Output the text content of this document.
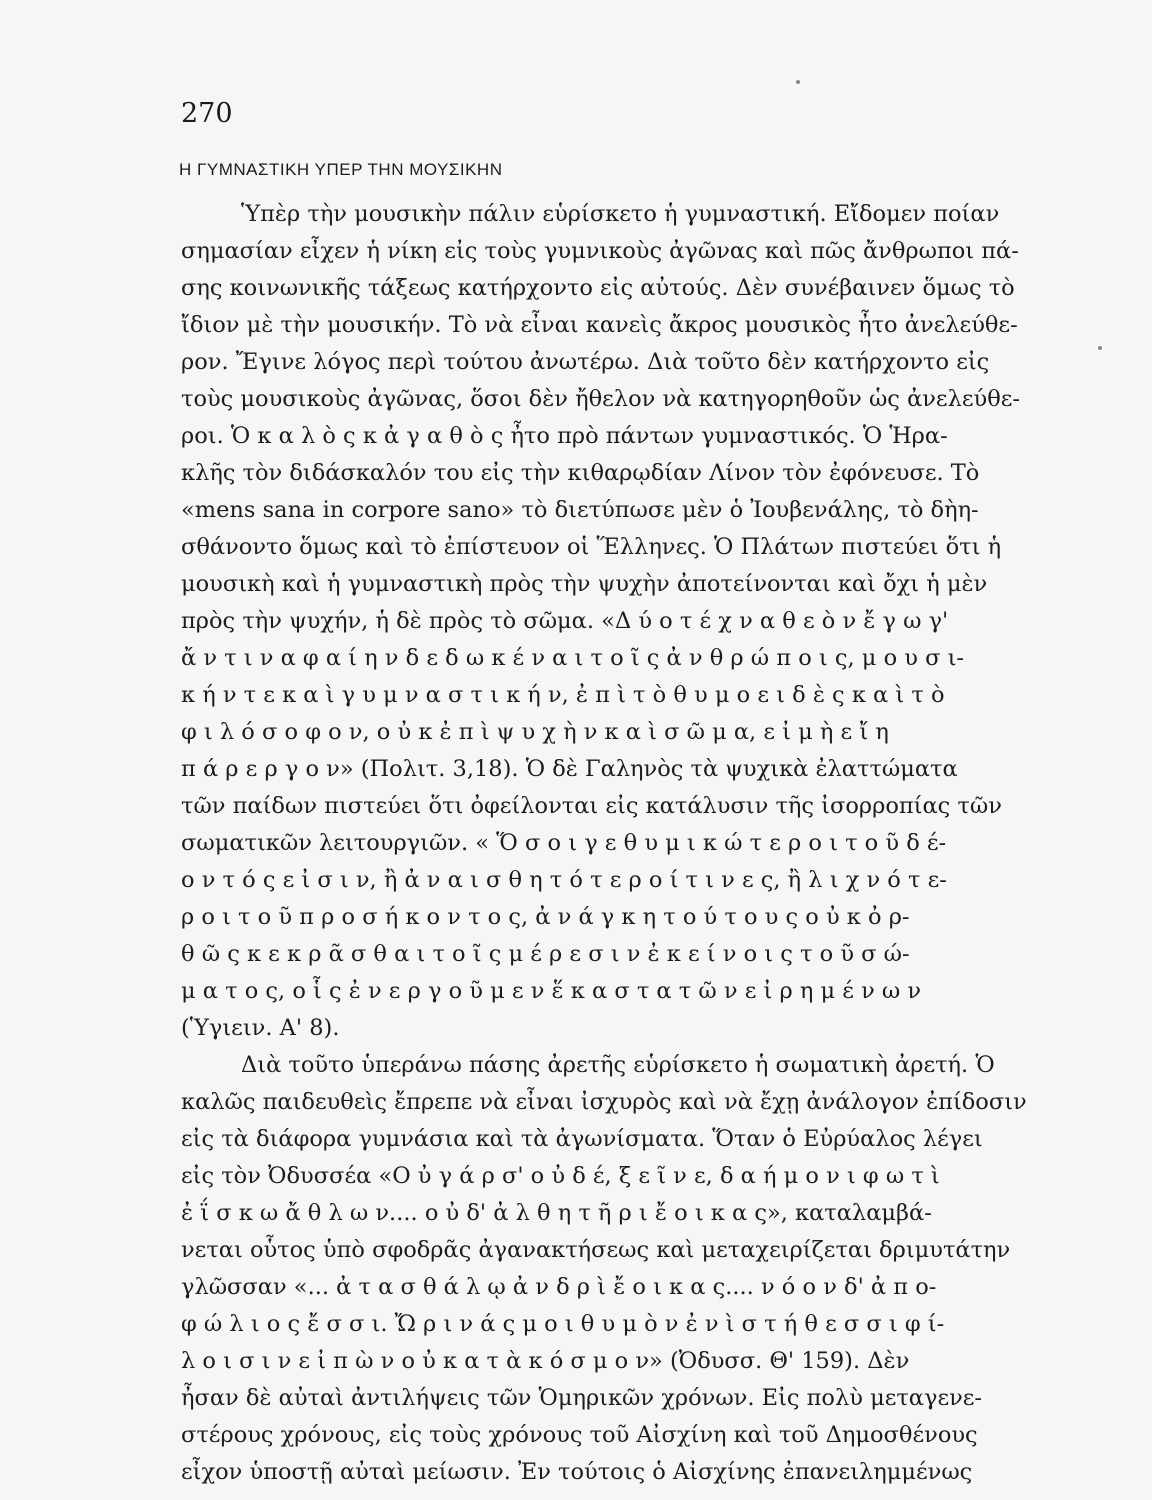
270
Η ΓΥΜΝΑΣΤΙΚΗ ΥΠΕΡ ΤΗΝ ΜΟΥΣΙΚΗΝ
Ὑπὲρ τὴν μουσικὴν πάλιν εὑρίσκετο ἡ γυμναστική. Εἴδομεν ποίαν
σημασίαν εἶχεν ἡ νίκη εἰς τοὺς γυμνικοὺς ἀγῶνας καὶ πῶς ἄνθρωποι πά-
σης κοινωνικῆς τάξεως κατήρχοντο εἰς αὐτούς. Δὲν συνέβαινεν ὅμως τὸ
ἴδιον μὲ τὴν μουσικήν. Τὸ νὰ εἶναι κανεὶς ἄκρος μουσικὸς ἦτο ἀνελεύθε-
ρον. Ἔγινε λόγος περὶ τούτου ἀνωτέρω. Διὰ τοῦτο δὲν κατήρχοντο εἰς
τοὺς μουσικοὺς ἀγῶνας, ὅσοι δὲν ἤθελον νὰ κατηγορηθοῦν ὡς ἀνελεύθε-
ροι. Ὁ κ α λ ὸ ς κ ἀ γ α θ ὸ ς ἦτο πρὸ πάντων γυμναστικός. Ὁ Ἡρα-
κλῆς τὸν διδάσκαλόν του εἰς τὴν κιθαρῳδίαν Λίνον τὸν ἐφόνευσε. Τὸ
«mens sana in corpore sano» τὸ διετύπωσε μὲν ὁ Ἰουβενάλης, τὸ δὴη-
σθάνοντο ὅμως καὶ τὸ ἐπίστευον οἱ Ἕλληνες. Ὁ Πλάτων πιστεύει ὅτι ἡ
μουσικὴ καὶ ἡ γυμναστικὴ πρὸς τὴν ψυχὴν ἀποτείνονται καὶ ὄχι ἡ μὲν
πρὸς τὴν ψυχήν, ἡ δὲ πρὸς τὸ σῶμα. «Δ ύ ο τ έ χ ν α θ ε ὸ ν ἔ γ ω γ'
ἄ ν τ ι ν α φ α ί η ν δ ε δ ω κ έ ν α ι τ ο ῖ ς ἀ ν θ ρ ώ π ο ι ς, μ ο υ σ ι-
κ ή ν τ ε κ α ὶ γ υ μ ν α σ τ ι κ ή ν, ἐ π ὶ τ ὸ θ υ μ ο ε ι δ ὲ ς κ α ὶ τ ὸ
φ ι λ ό σ ο φ ο ν, ο ὐ κ ἐ π ὶ ψ υ χ ὴ ν κ α ὶ σ ῶ μ α, ε ἰ μ ὴ ε ἴ η
π ά ρ ε ρ γ ο ν» (Πολιτ. 3,18). Ὁ δὲ Γαληνὸς τὰ ψυχικὰ ἐλαττώματα
τῶν παίδων πιστεύει ὅτι ὀφείλονται εἰς κατάλυσιν τῆς ἰσορροπίας τῶν
σωματικῶν λειτουργιῶν. « Ὅ σ ο ι γ ε θ υ μ ι κ ώ τ ε ρ ο ι τ ο ῦ δ έ-
ο ν τ ό ς ε ἰ σ ι ν, ἢ ἀ ν α ι σ θ η τ ό τ ε ρ ο ί τ ι ν ε ς, ἢ λ ι χ ν ό τ ε-
ρ ο ι τ ο ῦ π ρ ο σ ή κ ο ν τ ο ς, ἀ ν ά γ κ η τ ο ύ τ ο υ ς ο ὐ κ ὀ ρ-
θ ῶ ς κ ε κ ρ ᾶ σ θ α ι τ ο ῖ ς μ έ ρ ε σ ι ν ἐ κ ε ί ν ο ι ς τ ο ῦ σ ώ-
μ α τ ο ς, ο ἷ ς ἐ ν ε ρ γ ο ῦ μ ε ν ἕ κ α σ τ α τ ῶ ν ε ἰ ρ η μ έ ν ω ν
(Ὑγιειν. Α' 8).
Διὰ τοῦτο ὑπεράνω πάσης ἀρετῆς εὑρίσκετο ἡ σωματικὴ ἀρετή. Ὁ
καλῶς παιδευθεὶς ἔπρεπε νὰ εἶναι ἰσχυρὸς καὶ νὰ ἔχῃ ἀνάλογον ἐπίδοσιν
εἰς τὰ διάφορα γυμνάσια καὶ τὰ ἀγωνίσματα. Ὅταν ὁ Εὐρύαλος λέγει
εἰς τὸν Ὀδυσσέα «Ο ὐ γ ά ρ σ' ο ὐ δ έ, ξ ε ῖ ν ε, δ α ή μ ο ν ι φ ω τ ὶ
ἐ ΐ σ κ ω ἄ θ λ ω ν.... ο ὐ δ' ἀ λ θ η τ ῆ ρ ι ἔ ο ι κ α ς», καταλαμβά-
νεται οὗτος ὑπὸ σφοδρᾶς ἀγανακτήσεως καὶ μεταχειρίζεται δριμυτάτην
γλῶσσαν «... ἀ τ α σ θ ά λ ῳ ἀ ν δ ρ ὶ ἔ ο ι κ α ς.... ν ό ο ν δ' ἀ π ο-
φ ώ λ ι ο ς ἔ σ σ ι. Ὤ ρ ι ν ά ς μ ο ι θ υ μ ὸ ν ἐ ν ὶ σ τ ή θ ε σ σ ι φ ί-
λ ο ι σ ι ν ε ἰ π ὼ ν ο ὐ κ α τ ὰ κ ό σ μ ο ν» (Ὀδυσσ. Θ' 159). Δὲν
ἦσαν δὲ αὐταὶ ἀντιλήψεις τῶν Ὁμηρικῶν χρόνων. Εἰς πολὺ μεταγενε-
στέρους χρόνους, εἰς τοὺς χρόνους τοῦ Αἰσχίνη καὶ τοῦ Δημοσθένους
εἶχον ὑποστῇ αὐταὶ μείωσιν. Ἐν τούτοις ὁ Αἰσχίνης ἐπανειλημμένως
